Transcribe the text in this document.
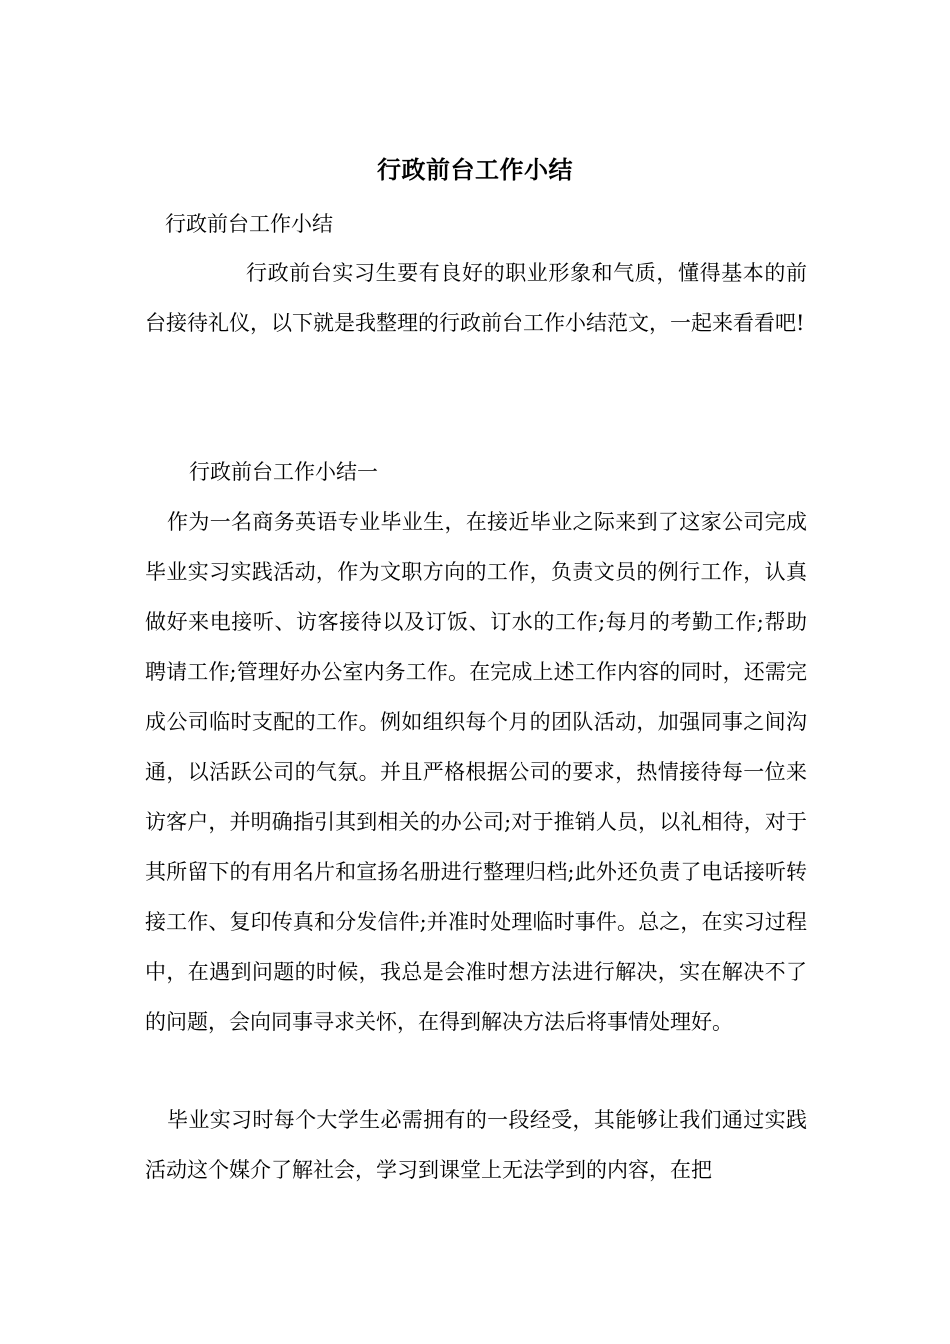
行政前台工作小结

行政前台工作小结

行政前台实习生要有良好的职业形象和气质，懂得基本的前台接待礼仪，以下就是我整理的行政前台工作小结范文，一起来看看吧!

行政前台工作小结一

作为一名商务英语专业毕业生，在接近毕业之际来到了这家公司完成毕业实习实践活动，作为文职方向的工作，负责文员的例行工作，认真做好来电接听、访客接待以及订饭、订水的工作;每月的考勤工作;帮助聘请工作;管理好办公室内务工作。在完成上述工作内容的同时，还需完成公司临时支配的工作。例如组织每个月的团队活动，加强同事之间沟通，以活跃公司的气氛。并且严格根据公司的要求，热情接待每一位来访客户，并明确指引其到相关的办公司;对于推销人员，以礼相待，对于其所留下的有用名片和宣扬名册进行整理归档;此外还负责了电话接听转接工作、复印传真和分发信件;并准时处理临时事件。总之，在实习过程中，在遇到问题的时候，我总是会准时想方法进行解决，实在解决不了的问题，会向同事寻求关怀，在得到解决方法后将事情处理好。

毕业实习时每个大学生必需拥有的一段经受，其能够让我们通过实践活动这个媒介了解社会，学习到课堂上无法学到的内容，在把
